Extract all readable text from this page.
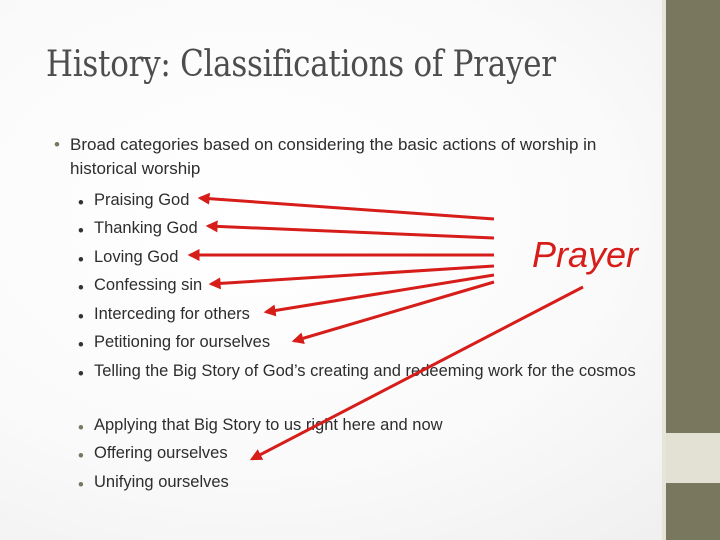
History: Classifications of Prayer
• Broad categories based on considering the basic actions of worship in historical worship
• Praising God
• Thanking God
• Loving God
• Confessing sin
• Interceding for others
• Petitioning for ourselves
• Telling the Big Story of God’s creating and redeeming work for the cosmos
• Applying that Big Story to us right here and now
• Offering ourselves
• Unifying ourselves
Prayer
